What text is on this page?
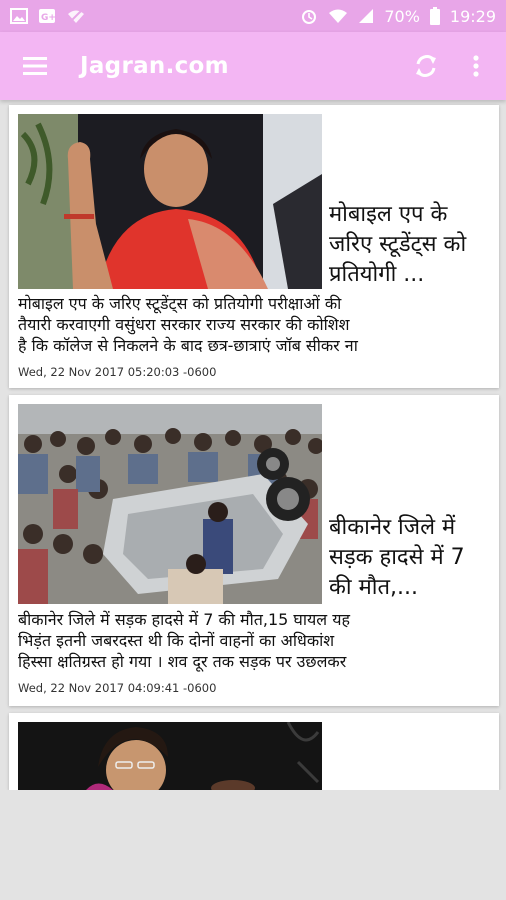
G+	70% 19:29
Jagran.com
मोबाइल एप के जरिए स्टूडेंट्स को प्रतियोगी ...
मोबाइल एप के जरिए स्टूडेंट्स को प्रतियोगी परीक्षाओं की
तैयारी करवाएगी वसुंधरा सरकार राज्य सरकार की कोशिश
है कि कॉलेज से निकलने के बाद छत्र-छात्राएं जॉब सीकर ना
Wed, 22 Nov 2017 05:20:03 -0600
बीकानेर जिले में सड़क हादसे में 7 की मौत,...
बीकानेर जिले में सड़क हादसे में 7 की मौत,15 घायल यह
भिड़ंत इतनी जबरदस्त थी कि दोनों वाहनों का अधिकांश
हिस्सा क्षतिग्रस्त हो गया । शव दूर तक सड़क पर उछलकर
Wed, 22 Nov 2017 04:09:41 -0600
